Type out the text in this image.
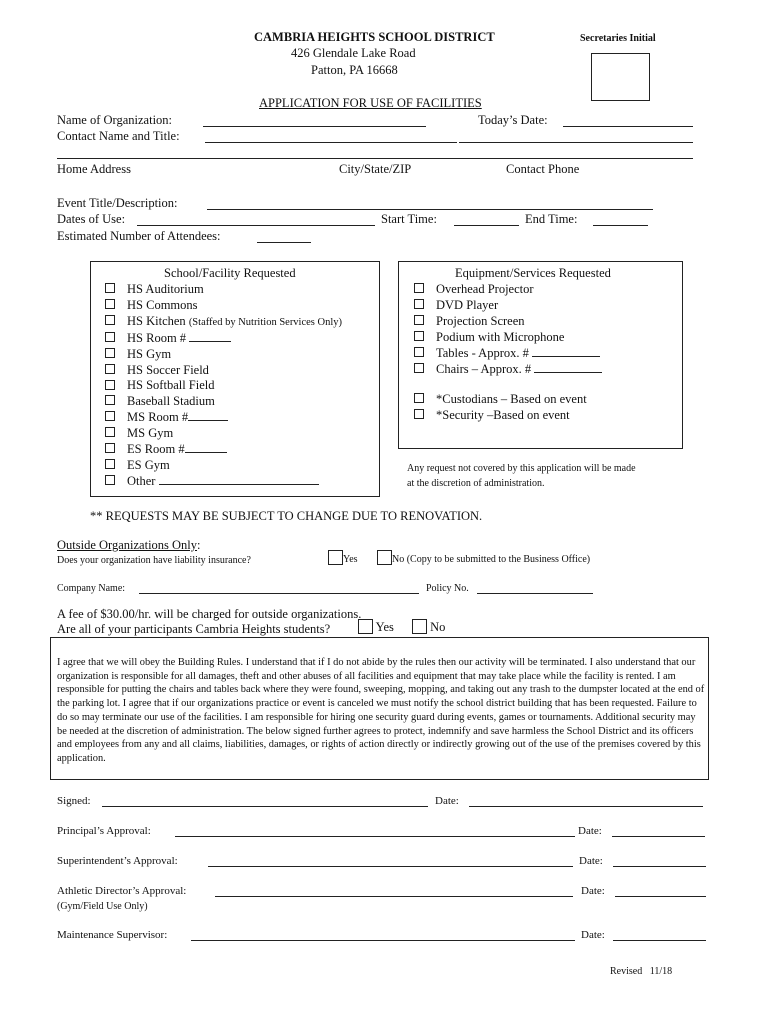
CAMBRIA HEIGHTS SCHOOL DISTRICT
426 Glendale Lake Road
Patton, PA 16668
Secretaries Initial
APPLICATION FOR USE OF FACILITIES
Name of Organization:	Today’s Date:
Contact Name and Title:
Home Address	City/State/ZIP	Contact Phone
Event Title/Description:
Dates of Use:	Start Time:	End Time:
Estimated Number of Attendees:
School/Facility Requested
HS Auditorium
HS Commons
HS Kitchen (Staffed by Nutrition Services Only)
HS Room #
HS Gym
HS Soccer Field
HS Softball Field
Baseball Stadium
MS Room #
MS Gym
ES Room #
ES Gym
Other
Equipment/Services Requested
Overhead Projector
DVD Player
Projection Screen
Podium with Microphone
Tables - Approx. #
Chairs – Approx. #
*Custodians – Based on event
*Security –Based on event
Any request not covered by this application will be made
at the discretion of administration.
** REQUESTS MAY BE SUBJECT TO CHANGE DUE TO RENOVATION.
Outside Organizations Only:
Does your organization have liability insurance?	Yes	No (Copy to be submitted to the Business Office)
Company Name:	Policy No.
A fee of $30.00/hr. will be charged for outside organizations.
Are all of your participants Cambria Heights students?	Yes	No
I agree that we will obey the Building Rules. I understand that if I do not abide by the rules then our activity will be terminated. I also understand that our organization is responsible for all damages, theft and other abuses of all facilities and equipment that may take place while the facility is rented. I am responsible for putting the chairs and tables back where they were found, sweeping, mopping, and taking out any trash to the dumpster located at the end of the parking lot. I agree that if our organizations practice or event is canceled we must notify the school district building that has been requested. Failure to do so may terminate our use of the facilities. I am responsible for hiring one security guard during events, games or tournaments. Additional security may be needed at the discretion of administration. The below signed further agrees to protect, indemnify and save harmless the School District and its officers and employees from any and all claims, liabilities, damages, or rights of action directly or indirectly growing out of the use of the premises covered by this application.
Signed:	Date:
Principal’s Approval:	Date:
Superintendent’s Approval:	Date:
Athletic Director’s Approval:	Date:
(Gym/Field Use Only)
Maintenance Supervisor:	Date:
Revised   11/18
